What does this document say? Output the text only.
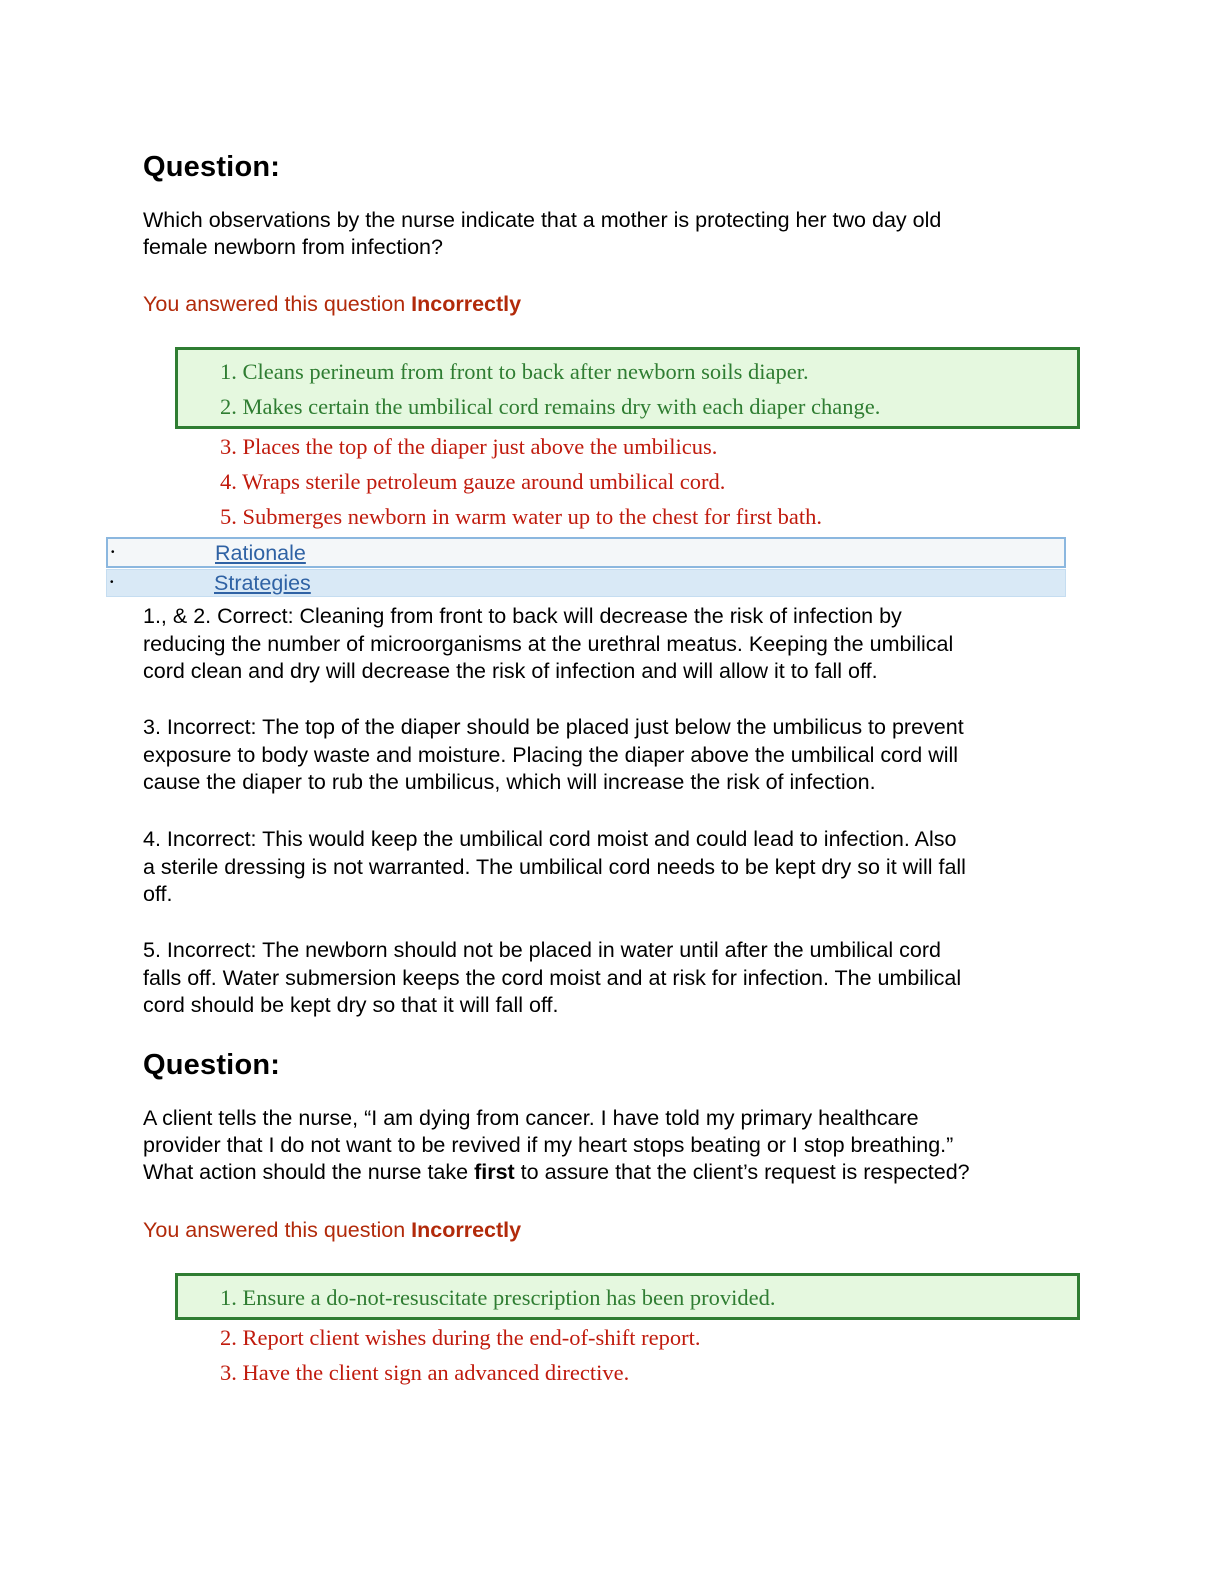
Question:
Which observations by the nurse indicate that a mother is protecting her two day old
female newborn from infection?
You answered this question Incorrectly
1. Cleans perineum from front to back after newborn soils diaper.
2. Makes certain the umbilical cord remains dry with each diaper change.
3. Places the top of the diaper just above the umbilicus.
4. Wraps sterile petroleum gauze around umbilical cord.
5. Submerges newborn in warm water up to the chest for first bath.
•	Rationale
•	Strategies
1., & 2. Correct: Cleaning from front to back will decrease the risk of infection by
reducing the number of microorganisms at the urethral meatus. Keeping the umbilical
cord clean and dry will decrease the risk of infection and will allow it to fall off.
3. Incorrect: The top of the diaper should be placed just below the umbilicus to prevent
exposure to body waste and moisture. Placing the diaper above the umbilical cord will
cause the diaper to rub the umbilicus, which will increase the risk of infection.
4. Incorrect: This would keep the umbilical cord moist and could lead to infection. Also
a sterile dressing is not warranted. The umbilical cord needs to be kept dry so it will fall
off.
5. Incorrect: The newborn should not be placed in water until after the umbilical cord
falls off. Water submersion keeps the cord moist and at risk for infection. The umbilical
cord should be kept dry so that it will fall off.
Question:
A client tells the nurse, “I am dying from cancer. I have told my primary healthcare
provider that I do not want to be revived if my heart stops beating or I stop breathing.”
What action should the nurse take first to assure that the client’s request is respected?
You answered this question Incorrectly
1. Ensure a do-not-resuscitate prescription has been provided.
2. Report client wishes during the end-of-shift report.
3. Have the client sign an advanced directive.
